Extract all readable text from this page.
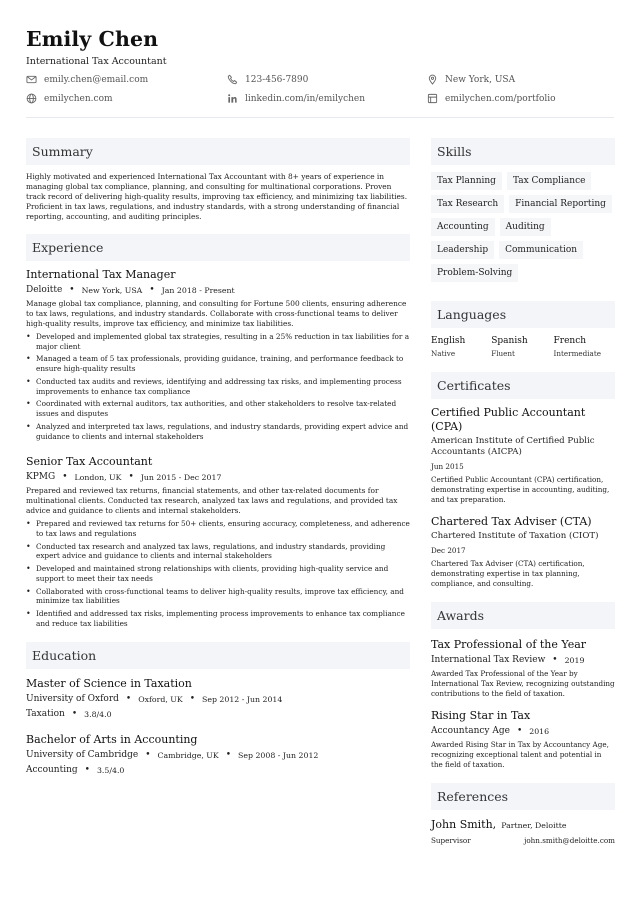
Emily Chen
International Tax Accountant
emily.chen@email.com	123-456-7890	New York, USA
emilychen.com	linkedin.com/in/emilychen	emilychen.com/portfolio
Summary
Highly motivated and experienced International Tax Accountant with 8+ years of experience in managing global tax compliance, planning, and consulting for multinational corporations. Proven track record of delivering high-quality results, improving tax efficiency, and minimizing tax liabilities. Proficient in tax laws, regulations, and industry standards, with a strong understanding of financial reporting, accounting, and auditing principles.
Experience
International Tax Manager
Deloitte • New York, USA • Jan 2018 - Present
Manage global tax compliance, planning, and consulting for Fortune 500 clients, ensuring adherence to tax laws, regulations, and industry standards. Collaborate with cross-functional teams to deliver high-quality results, improve tax efficiency, and minimize tax liabilities.
• Developed and implemented global tax strategies, resulting in a 25% reduction in tax liabilities for a major client
• Managed a team of 5 tax professionals, providing guidance, training, and performance feedback to ensure high-quality results
• Conducted tax audits and reviews, identifying and addressing tax risks, and implementing process improvements to enhance tax compliance
• Coordinated with external auditors, tax authorities, and other stakeholders to resolve tax-related issues and disputes
• Analyzed and interpreted tax laws, regulations, and industry standards, providing expert advice and guidance to clients and internal stakeholders
Senior Tax Accountant
KPMG • London, UK • Jun 2015 - Dec 2017
Prepared and reviewed tax returns, financial statements, and other tax-related documents for multinational clients. Conducted tax research, analyzed tax laws and regulations, and provided tax advice and guidance to clients and internal stakeholders.
• Prepared and reviewed tax returns for 50+ clients, ensuring accuracy, completeness, and adherence to tax laws and regulations
• Conducted tax research and analyzed tax laws, regulations, and industry standards, providing expert advice and guidance to clients and internal stakeholders
• Developed and maintained strong relationships with clients, providing high-quality service and support to meet their tax needs
• Collaborated with cross-functional teams to deliver high-quality results, improve tax efficiency, and minimize tax liabilities
• Identified and addressed tax risks, implementing process improvements to enhance tax compliance and reduce tax liabilities
Education
Master of Science in Taxation
University of Oxford • Oxford, UK • Sep 2012 - Jun 2014
Taxation • 3.8/4.0
Bachelor of Arts in Accounting
University of Cambridge • Cambridge, UK • Sep 2008 - Jun 2012
Accounting • 3.5/4.0
Skills
Tax Planning	Tax Compliance
Tax Research	Financial Reporting
Accounting	Auditing
Leadership	Communication
Problem-Solving
Languages
English
Native
Spanish
Fluent
French
Intermediate
Certificates
Certified Public Accountant (CPA)
American Institute of Certified Public Accountants (AICPA)
Jun 2015
Certified Public Accountant (CPA) certification, demonstrating expertise in accounting, auditing, and tax preparation.
Chartered Tax Adviser (CTA)
Chartered Institute of Taxation (CIOT)
Dec 2017
Chartered Tax Adviser (CTA) certification, demonstrating expertise in tax planning, compliance, and consulting.
Awards
Tax Professional of the Year
International Tax Review • 2019
Awarded Tax Professional of the Year by International Tax Review, recognizing outstanding contributions to the field of taxation.
Rising Star in Tax
Accountancy Age • 2016
Awarded Rising Star in Tax by Accountancy Age, recognizing exceptional talent and potential in the field of taxation.
References
John Smith, Partner, Deloitte
Supervisor	john.smith@deloitte.com
